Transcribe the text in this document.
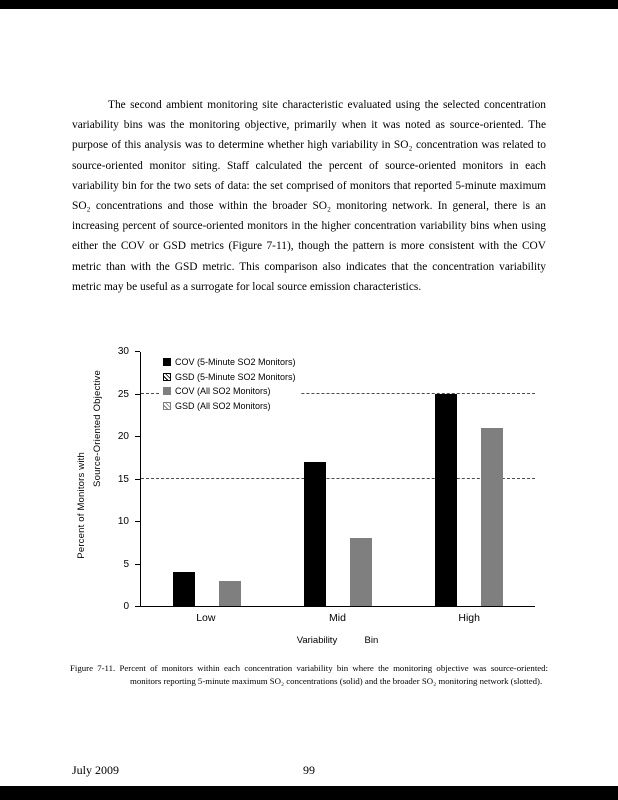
The second ambient monitoring site characteristic evaluated using the selected concentration variability bins was the monitoring objective, primarily when it was noted as source-oriented. The purpose of this analysis was to determine whether high variability in SO₂ concentration was related to source-oriented monitor siting. Staff calculated the percent of source-oriented monitors in each variability bin for the two sets of data: the set comprised of monitors that reported 5-minute maximum SO₂ concentrations and those within the broader SO₂ monitoring network. In general, there is an increasing percent of source-oriented monitors in the higher concentration variability bins when using either the COV or GSD metrics (Figure 7-11), though the pattern is more consistent with the COV metric than with the GSD metric. This comparison also indicates that the concentration variability metric may be useful as a surrogate for local source emission characteristics.

Percent of Monitors with
Source-Oriented Objective
0
5
10
15
20
25
30
COV (5-Minute SO2 Monitors)
GSD (5-Minute SO2 Monitors)
COV (All SO2 Monitors)
GSD (All SO2 Monitors)
Low	Mid	High
Variability Bin

Figure 7-11. Percent of monitors within each concentration variability bin where the monitoring objective was source-oriented: monitors reporting 5-minute maximum SO₂ concentrations (solid) and the broader SO₂ monitoring network (slotted).

July 2009	99
